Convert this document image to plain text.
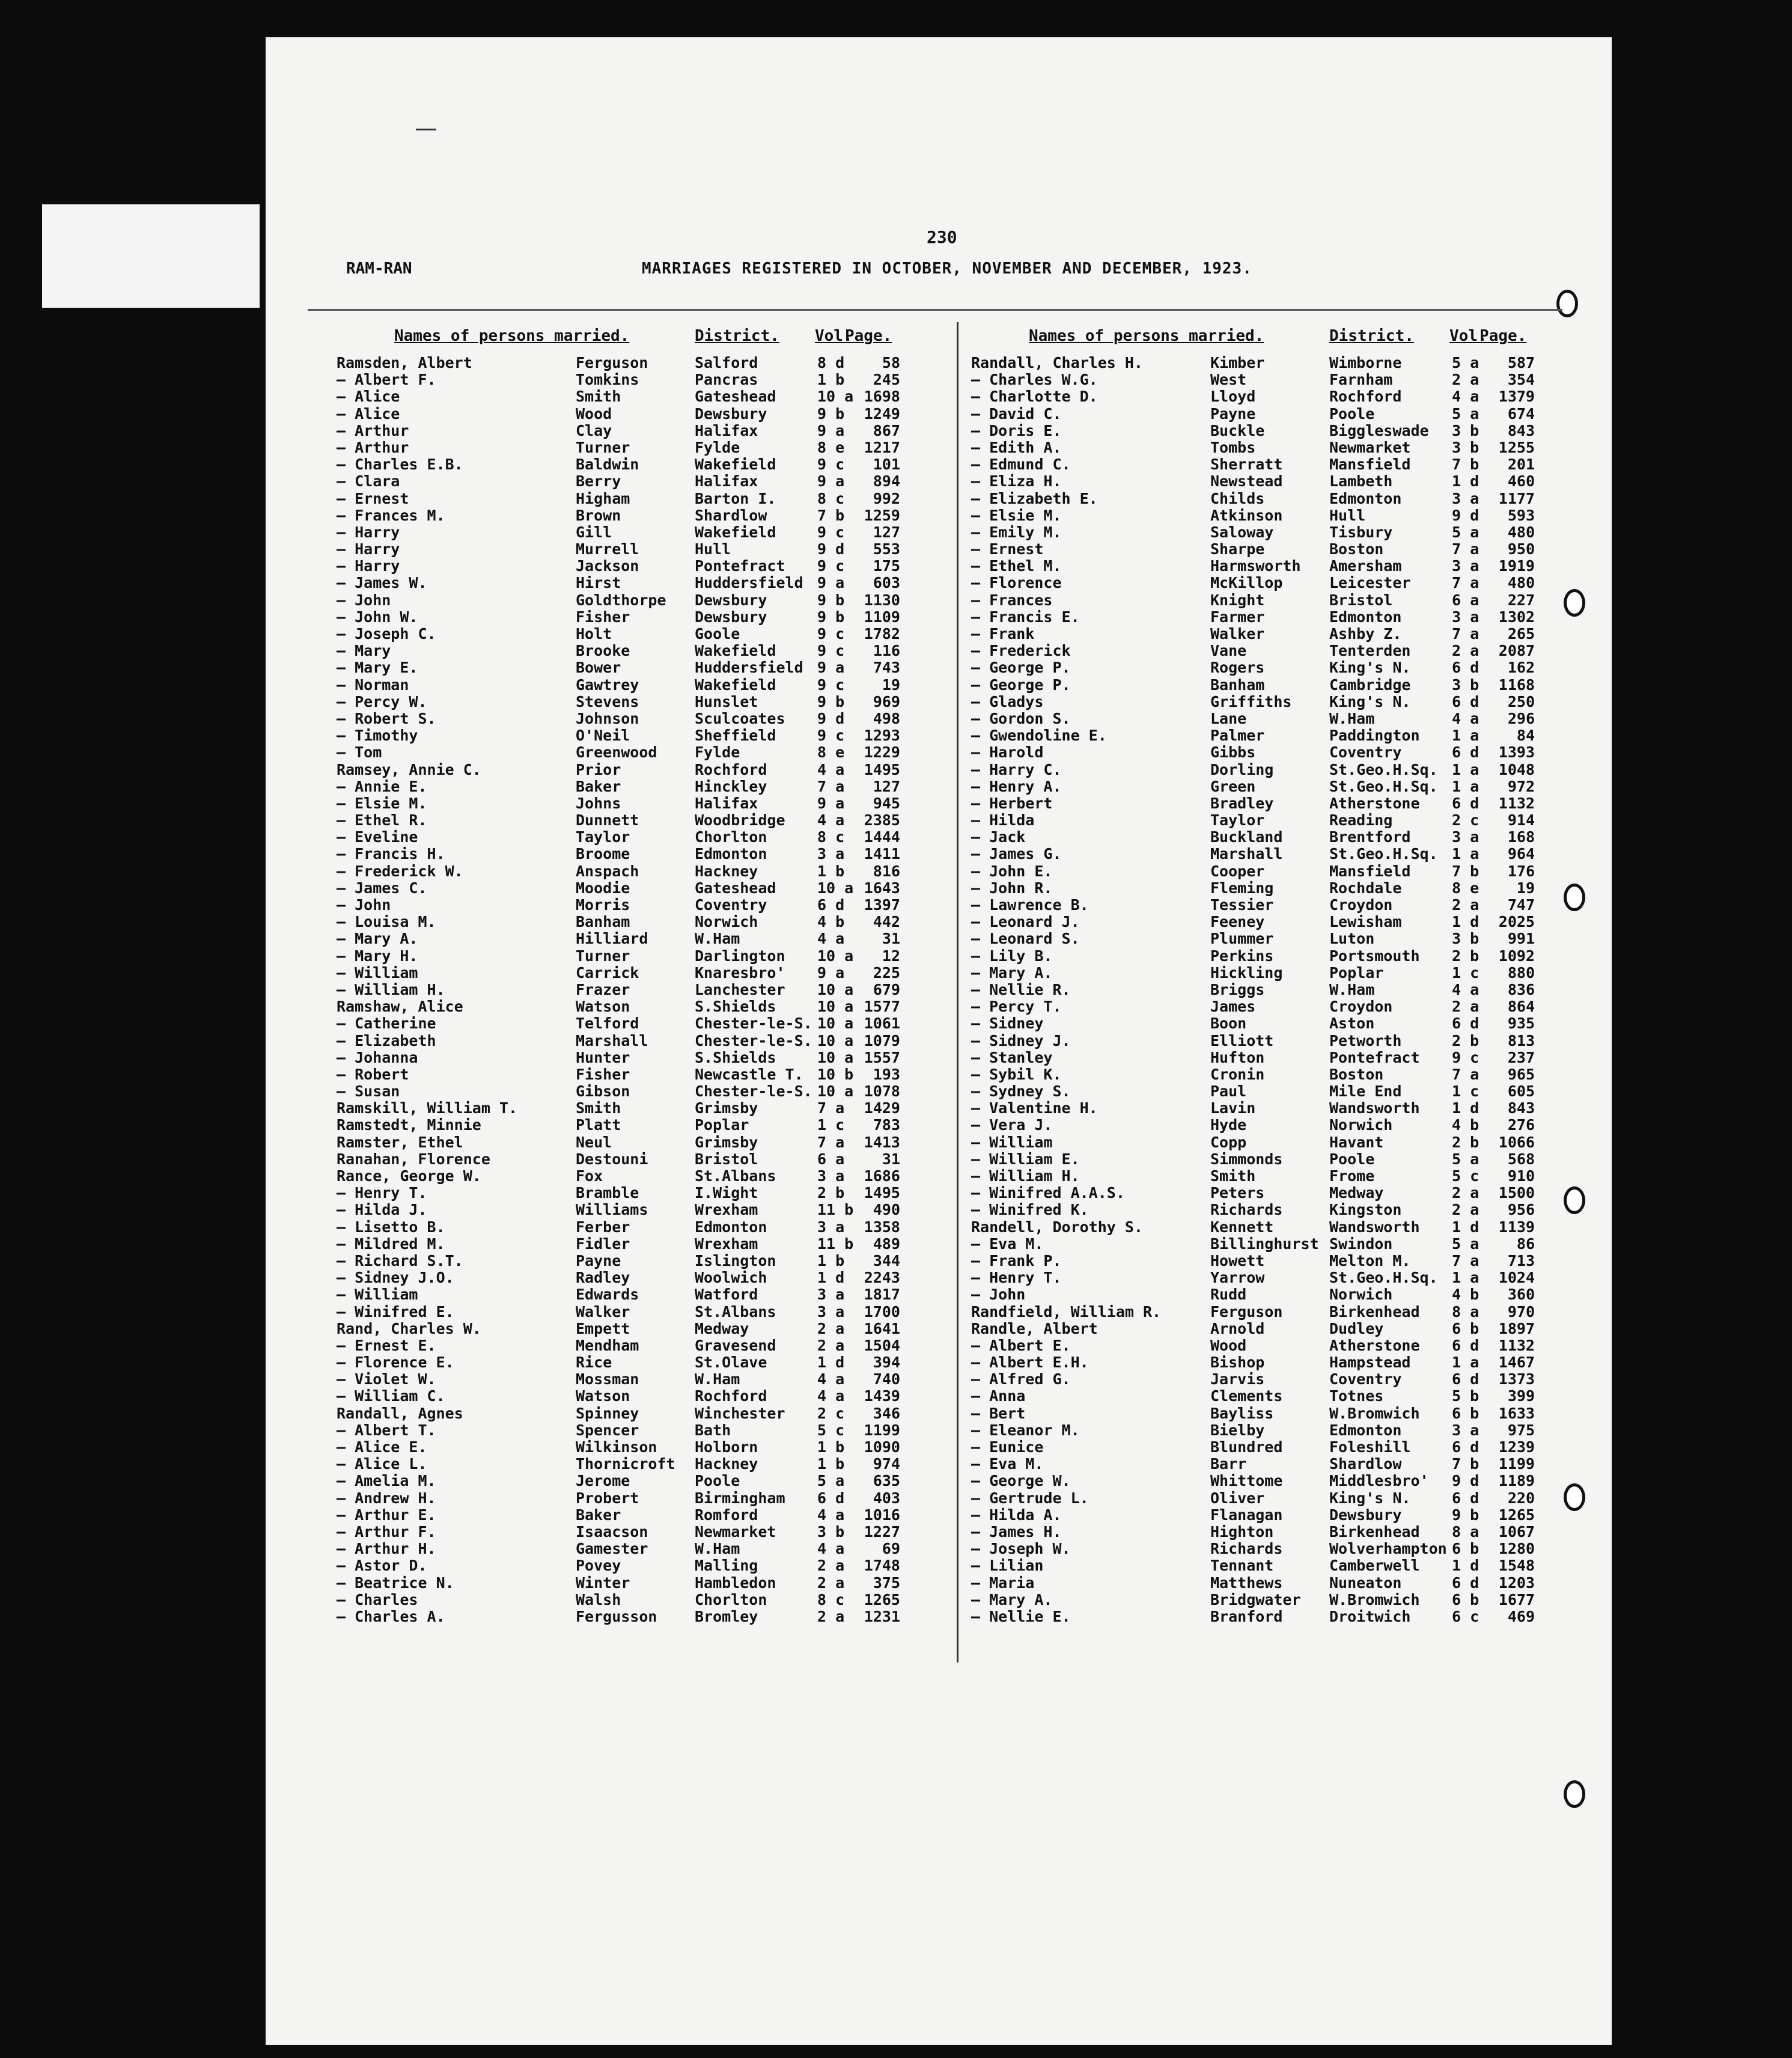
230
RAM-RAN	MARRIAGES REGISTERED IN OCTOBER, NOVEMBER AND DECEMBER, 1923.
Names of persons married.	District. Vol.
Page.
Ramsden, Albert	Ferguson	Salford	8 d	58
— Albert F.	Tomkins	Pancras	1 b	245
— Alice	Smith	Gateshead	10 a 1698
— Alice	Wood	Dewsbury	9 b	1249
— Arthur	Clay	Halifax	9 a	867
— Arthur	Turner	Fylde	8 e	1217
— Charles E.B.	Baldwin	Wakefield	9 c	101
— Clara	Berry	Halifax	9 a	894
— Ernest	Higham	Barton I.	8 c	992
— Frances M.	Brown	Shardlow	7 b	1259
— Harry	Gill	Wakefield	9 c	127
— Harry	Murrell	Hull	9 d	553
— Harry	Jackson	Pontefract 9 c	175
— James W.	Hirst	Huddersfield 9 a	603
— John	Goldthorpe Dewsbury	9 b	1130
— John W.	Fisher	Dewsbury	9 b	1109
— Joseph C.	Holt	Goole	9 c	1782
— Mary	Brooke	Wakefield	9 c	116
— Mary E.	Bower	Huddersfield 9 a	743
— Norman	Gawtrey	Wakefield	9 c	19
— Percy W.	Stevens	Hunslet	9 b	969
— Robert S.	Johnson	Sculcoates 9 d	498
— Timothy	O'Neil	Sheffield	9 c	1293
— Tom	Greenwood	Fylde	8 e	1229
Ramsey, Annie C.	Prior	Rochford	4 a	1495
— Annie E.	Baker	Hinckley	7 a	127
— Elsie M.	Johns	Halifax	9 a	945
— Ethel R.	Dunnett	Woodbridge 4 a	2385
— Eveline	Taylor	Chorlton	8 c	1444
— Francis H.	Broome	Edmonton	3 a	1411
— Frederick W.	Anspach	Hackney	1 b	816
— James C.	Moodie	Gateshead	10 a 1643
— John	Morris	Coventry	6 d	1397
— Louisa M.	Banham	Norwich	4 b	442
— Mary A.	Hilliard	W.Ham	4 a	31
— Mary H.	Turner	Darlington 10 a	12
— William	Carrick	Knaresbro' 9 a	225
— William H.	Frazer	Lanchester 10 a	679
Ramshaw, Alice	Watson	S.Shields	10 a 1577
— Catherine	Telford	Chester-le-S. 10 a 1061
— Elizabeth	Marshall	Chester-le-S. 10 a 1079
— Johanna	Hunter	S.Shields	10 a 1557
— Robert	Fisher	Newcastle T. 10 b	193
— Susan	Gibson	Chester-le-S. 10 a 1078
Ramskill, William T.	Smith	Grimsby	7 a	1429
Ramstedt, Minnie	Platt	Poplar	1 c	783
Ramster, Ethel	Neul	Grimsby	7 a	1413
Ranahan, Florence	Destouni	Bristol	6 a	31
Rance, George W.	Fox	St.Albans	3 a	1686
— Henry T.	Bramble	I.Wight	2 b	1495
— Hilda J.	Williams	Wrexham	11 b	490
— Lisetto B.	Ferber	Edmonton	3 a	1358
— Mildred M.	Fidler	Wrexham	11 b	489
— Richard S.T.	Payne	Islington	1 b	344
— Sidney J.O.	Radley	Woolwich	1 d	2243
— William	Edwards	Watford	3 a	1817
— Winifred E.	Walker	St.Albans	3 a	1700
Rand, Charles W.	Empett	Medway	2 a	1641
— Ernest E.	Mendham	Gravesend	2 a	1504
— Florence E.	Rice	St.Olave	1 d	394
— Violet W.	Mossman	W.Ham	4 a	740
— William C.	Watson	Rochford	4 a	1439
Randall, Agnes	Spinney	Winchester 2 c	346
— Albert T.	Spencer	Bath	5 c	1199
— Alice E.	Wilkinson	Holborn	1 b	1090
— Alice L.	Thornicroft Hackney	1 b	974
— Amelia M.	Jerome	Poole	5 a	635
— Andrew H.	Probert	Birmingham 6 d	403
— Arthur E.	Baker	Romford	4 a	1016
— Arthur F.	Isaacson	Newmarket	3 b	1227
— Arthur H.	Gamester	W.Ham	4 a	69
— Astor D.	Povey	Malling	2 a	1748
— Beatrice N.	Winter	Hambledon	2 a	375
— Charles	Walsh	Chorlton	8 c	1265
— Charles A.	Fergusson	Bromley	2 a	1231
Names of persons married.	District. Vol.
Page.
Randall, Charles H.	Kimber	Wimborne	5 a	587
— Charles W.G.	West	Farnham	2 a	354
— Charlotte D.	Lloyd	Rochford	4 a	1379
— David C.	Payne	Poole	5 a	674
— Doris E.	Buckle	Biggleswade 3 b	843
— Edith A.	Tombs	Newmarket	3 b	1255
— Edmund C.	Sherratt	Mansfield	7 b	201
— Eliza H.	Newstead	Lambeth	1 d	460
— Elizabeth E.	Childs	Edmonton	3 a	1177
— Elsie M.	Atkinson	Hull	9 d	593
— Emily M.	Saloway	Tisbury	5 a	480
— Ernest	Sharpe	Boston	7 a	950
— Ethel M.	Harmsworth Amersham	3 a	1919
— Florence	McKillop	Leicester	7 a	480
— Frances	Knight	Bristol	6 a	227
— Francis E.	Farmer	Edmonton	3 a	1302
— Frank	Walker	Ashby Z.	7 a	265
— Frederick	Vane	Tenterden	2 a	2087
— George P.	Rogers	King's N.	6 d	162
— George P.	Banham	Cambridge	3 b	1168
— Gladys	Griffiths	King's N.	6 d	250
— Gordon S.	Lane	W.Ham	4 a	296
— Gwendoline E.	Palmer	Paddington 1 a	84
— Harold	Gibbs	Coventry	6 d	1393
— Harry C.	Dorling	St.Geo.H.Sq. 1 a	1048
— Henry A.	Green	St.Geo.H.Sq. 1 a	972
— Herbert	Bradley	Atherstone 6 d	1132
— Hilda	Taylor	Reading	2 c	914
— Jack	Buckland	Brentford	3 a	168
— James G.	Marshall	St.Geo.H.Sq. 1 a	964
— John E.	Cooper	Mansfield	7 b	176
— John R.	Fleming	Rochdale	8 e	19
— Lawrence B.	Tessier	Croydon	2 a	747
— Leonard J.	Feeney	Lewisham	1 d	2025
— Leonard S.	Plummer	Luton	3 b	991
— Lily B.	Perkins	Portsmouth 2 b	1092
— Mary A.	Hickling	Poplar	1 c	880
— Nellie R.	Briggs	W.Ham	4 a	836
— Percy T.	James	Croydon	2 a	864
— Sidney	Boon	Aston	6 d	935
— Sidney J.	Elliott	Petworth	2 b	813
— Stanley	Hufton	Pontefract 9 c	237
— Sybil K.	Cronin	Boston	7 a	965
— Sydney S.	Paul	Mile End	1 c	605
— Valentine H.	Lavin	Wandsworth 1 d	843
— Vera J.	Hyde	Norwich	4 b	276
— William	Copp	Havant	2 b	1066
— William E.	Simmonds	Poole	5 a	568
— William H.	Smith	Frome	5 c	910
— Winifred A.A.S.	Peters	Medway	2 a	1500
— Winifred K.	Richards	Kingston	2 a	956
Randell, Dorothy S.	Kennett	Wandsworth 1 d	1139
— Eva M.	Billinghurst Swindon	5 a	86
— Frank P.	Howett	Melton M.	7 a	713
— Henry T.	Yarrow	St.Geo.H.Sq. 1 a	1024
— John	Rudd	Norwich	4 b	360
Randfield, William R.	Ferguson	Birkenhead 8 a	970
Randle, Albert	Arnold	Dudley	6 b	1897
— Albert E.	Wood	Atherstone 6 d	1132
— Albert E.H.	Bishop	Hampstead	1 a	1467
— Alfred G.	Jarvis	Coventry	6 d	1373
— Anna	Clements	Totnes	5 b	399
— Bert	Bayliss	W.Bromwich 6 b	1633
— Eleanor M.	Bielby	Edmonton	3 a	975
— Eunice	Blundred	Foleshill	6 d	1239
— Eva M.	Barr	Shardlow	7 b	1199
— George W.	Whittome	Middlesbro' 9 d	1189
— Gertrude L.	Oliver	King's N.	6 d	220
— Hilda A.	Flanagan	Dewsbury	9 b	1265
— James H.	Highton	Birkenhead 8 a	1067
— Joseph W.	Richards	Wolverhampton 6 b	1280
— Lilian	Tennant	Camberwell 1 d	1548
— Maria	Matthews	Nuneaton	6 d	1203
— Mary A.	Bridgwater W.Bromwich 6 b	1677
— Nellie E.	Branford	Droitwich	6 c	469
